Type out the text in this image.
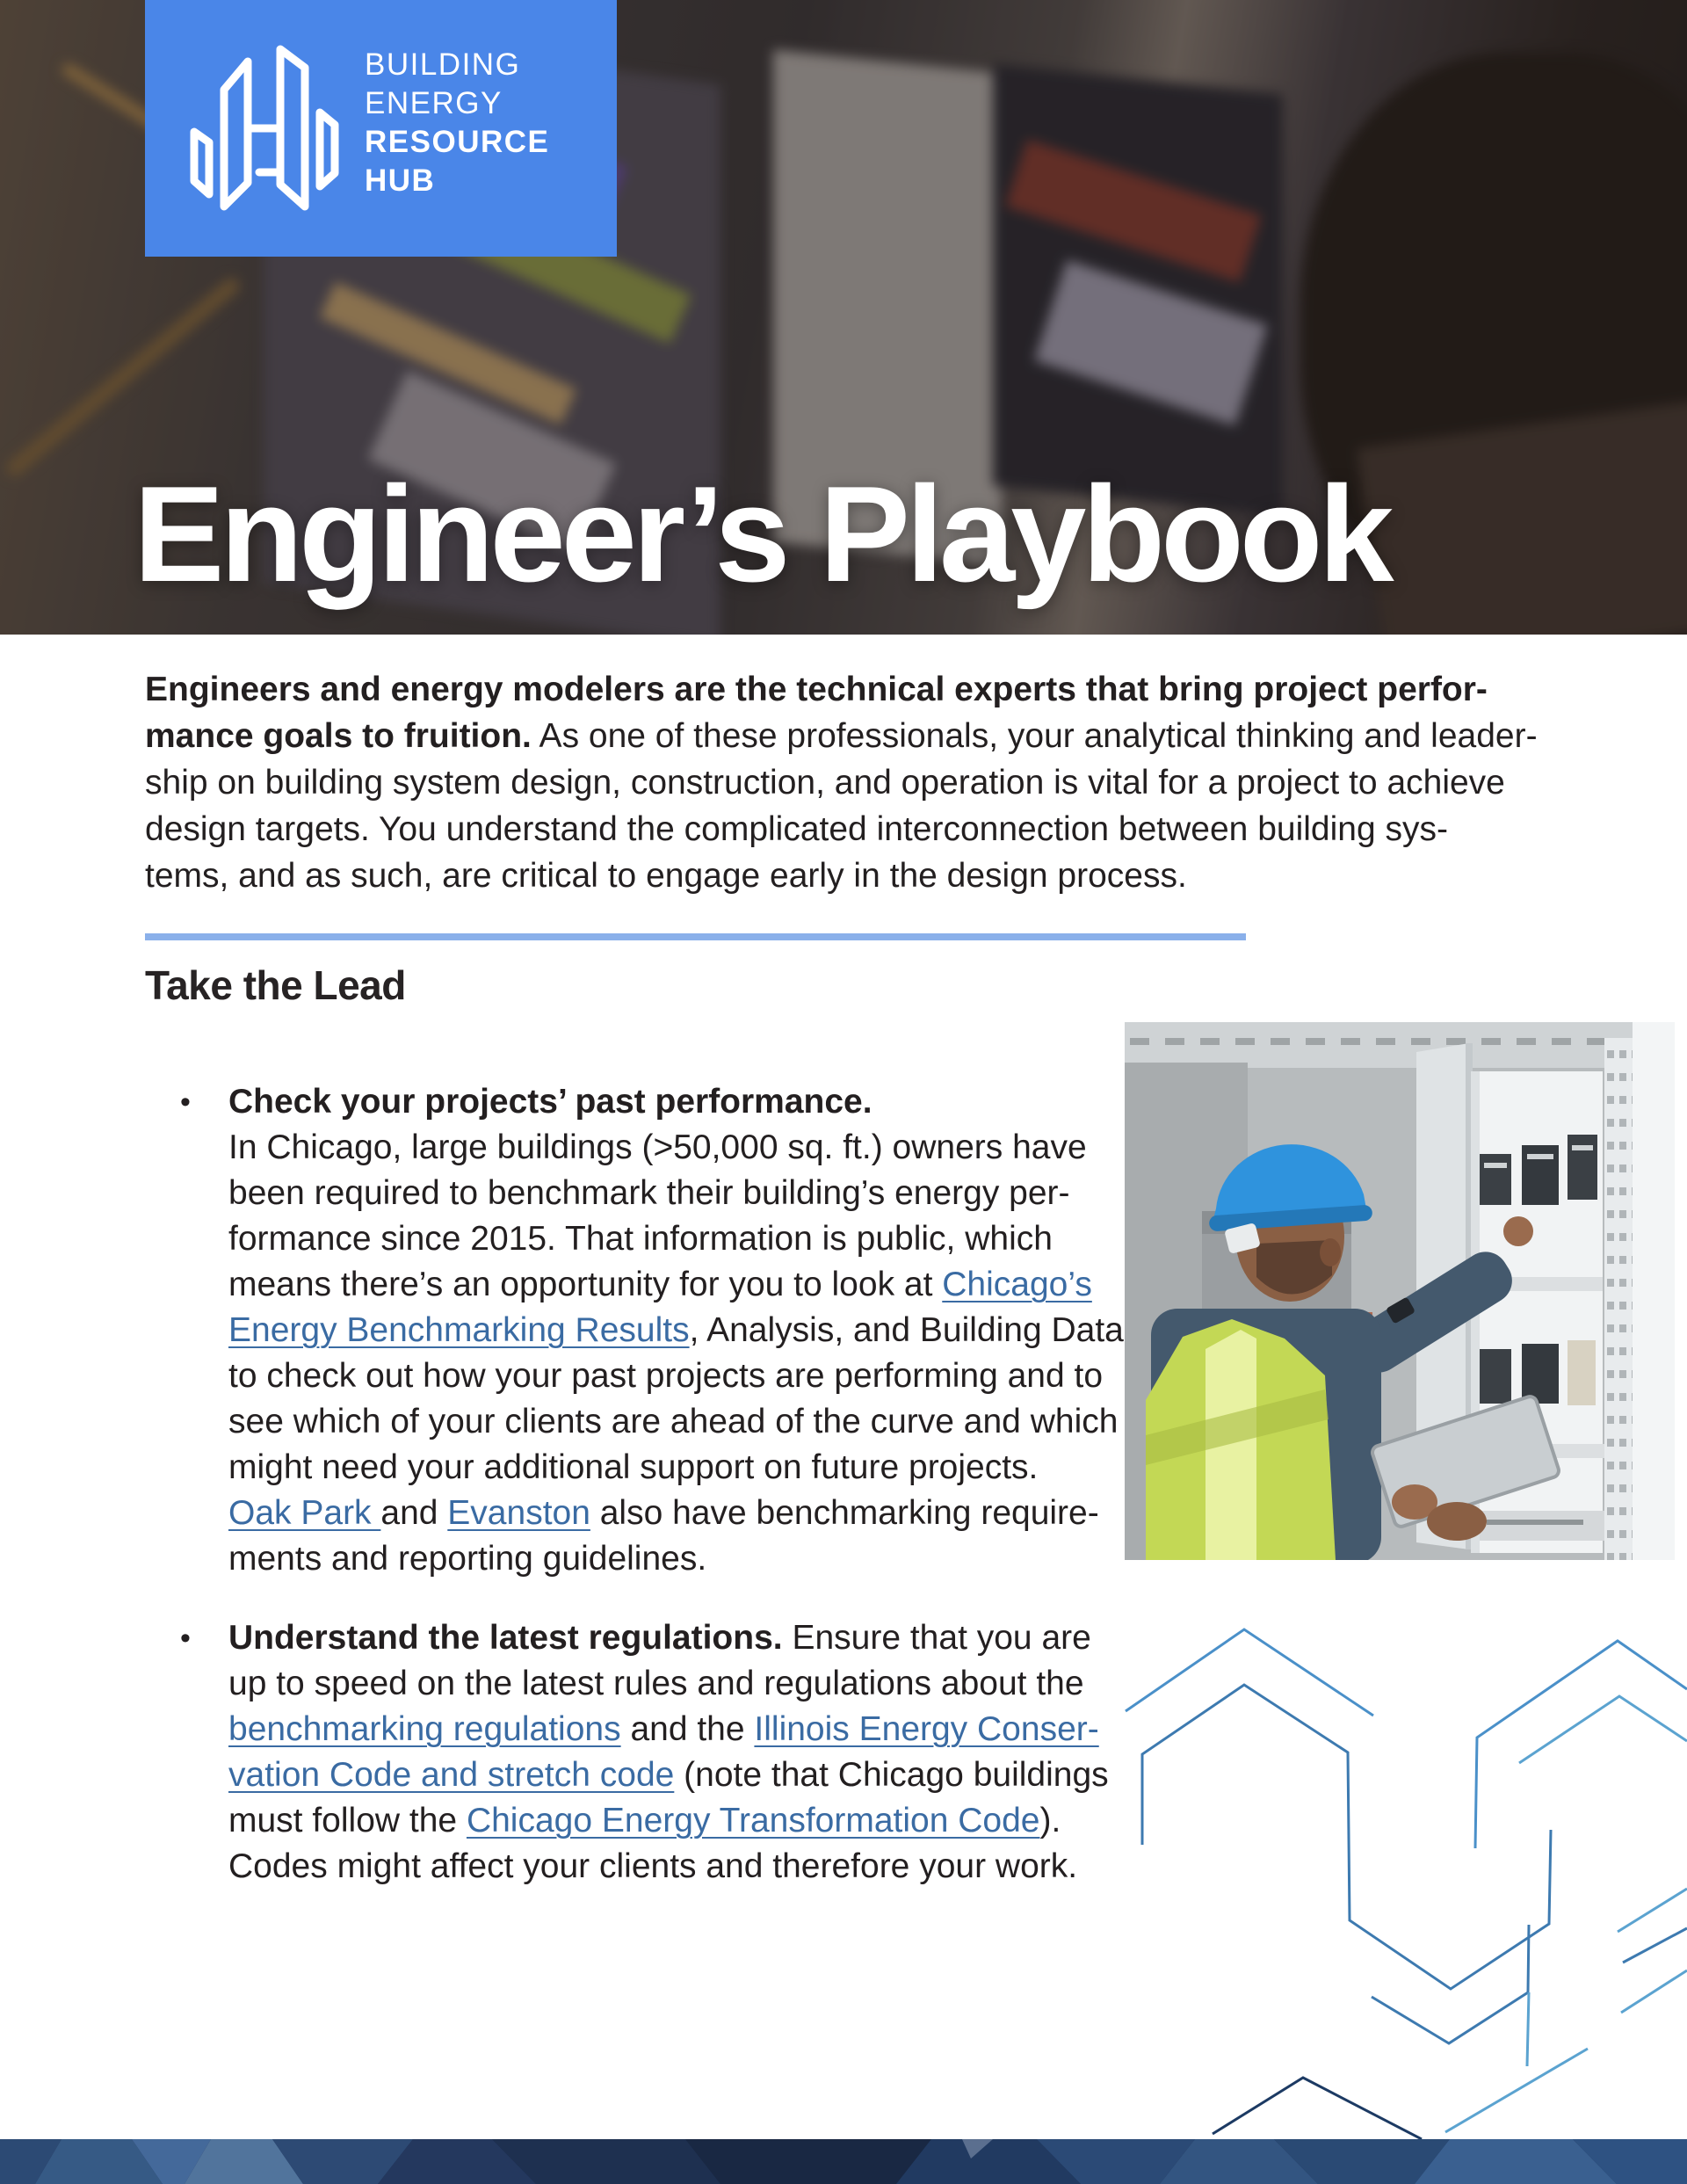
BUILDING
ENERGY
RESOURCE
HUB
Engineer’s Playbook
Engineers and energy modelers are the technical experts that bring project perfor-
mance goals to fruition. As one of these professionals, your analytical thinking and leader-
ship on building system design, construction, and operation is vital for a project to achieve
design targets. You understand the complicated interconnection between building sys-
tems, and as such, are critical to engage early in the design process.
Take the Lead
• Check your projects’ past performance.
In Chicago, large buildings (>50,000 sq. ft.) owners have
been required to benchmark their building’s energy per-
formance since 2015. That information is public, which
means there’s an opportunity for you to look at Chicago’s
Energy Benchmarking Results, Analysis, and Building Data
to check out how your past projects are performing and to
see which of your clients are ahead of the curve and which
might need your additional support on future projects.
Oak Park and Evanston also have benchmarking require-
ments and reporting guidelines.
• Understand the latest regulations. Ensure that you are
up to speed on the latest rules and regulations about the
benchmarking regulations and the Illinois Energy Conser-
vation Code and stretch code (note that Chicago buildings
must follow the Chicago Energy Transformation Code).
Codes might affect your clients and therefore your work.
